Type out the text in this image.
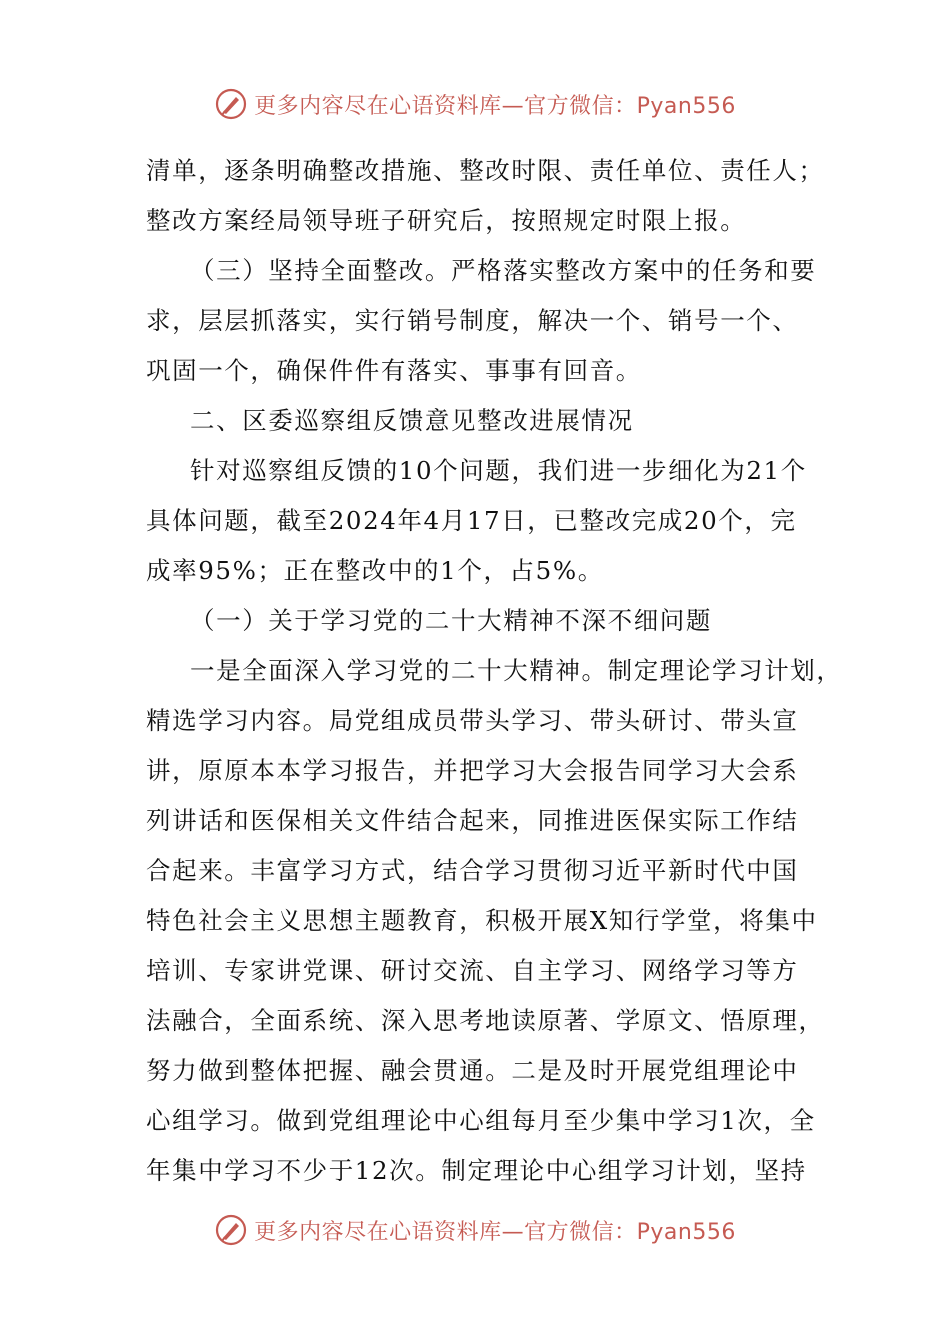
更多内容尽在心语资料库—官方微信：Pyan556
清单，逐条明确整改措施、整改时限、责任单位、责任人；
整改方案经局领导班子研究后，按照规定时限上报。
（三）坚持全面整改。严格落实整改方案中的任务和要
求，层层抓落实，实行销号制度，解决一个、销号一个、
巩固一个，确保件件有落实、事事有回音。
二、区委巡察组反馈意见整改进展情况
针对巡察组反馈的10个问题，我们进一步细化为21个
具体问题，截至2024年4月17日，已整改完成20个，完
成率95%；正在整改中的1个，占5%。
（一）关于学习党的二十大精神不深不细问题
一是全面深入学习党的二十大精神。制定理论学习计划，
精选学习内容。局党组成员带头学习、带头研讨、带头宣
讲，原原本本学习报告，并把学习大会报告同学习大会系
列讲话和医保相关文件结合起来，同推进医保实际工作结
合起来。丰富学习方式，结合学习贯彻习近平新时代中国
特色社会主义思想主题教育，积极开展X知行学堂，将集中
培训、专家讲党课、研讨交流、自主学习、网络学习等方
法融合，全面系统、深入思考地读原著、学原文、悟原理，
努力做到整体把握、融会贯通。二是及时开展党组理论中
心组学习。做到党组理论中心组每月至少集中学习1次，全
年集中学习不少于12次。制定理论中心组学习计划，坚持
更多内容尽在心语资料库—官方微信：Pyan556
